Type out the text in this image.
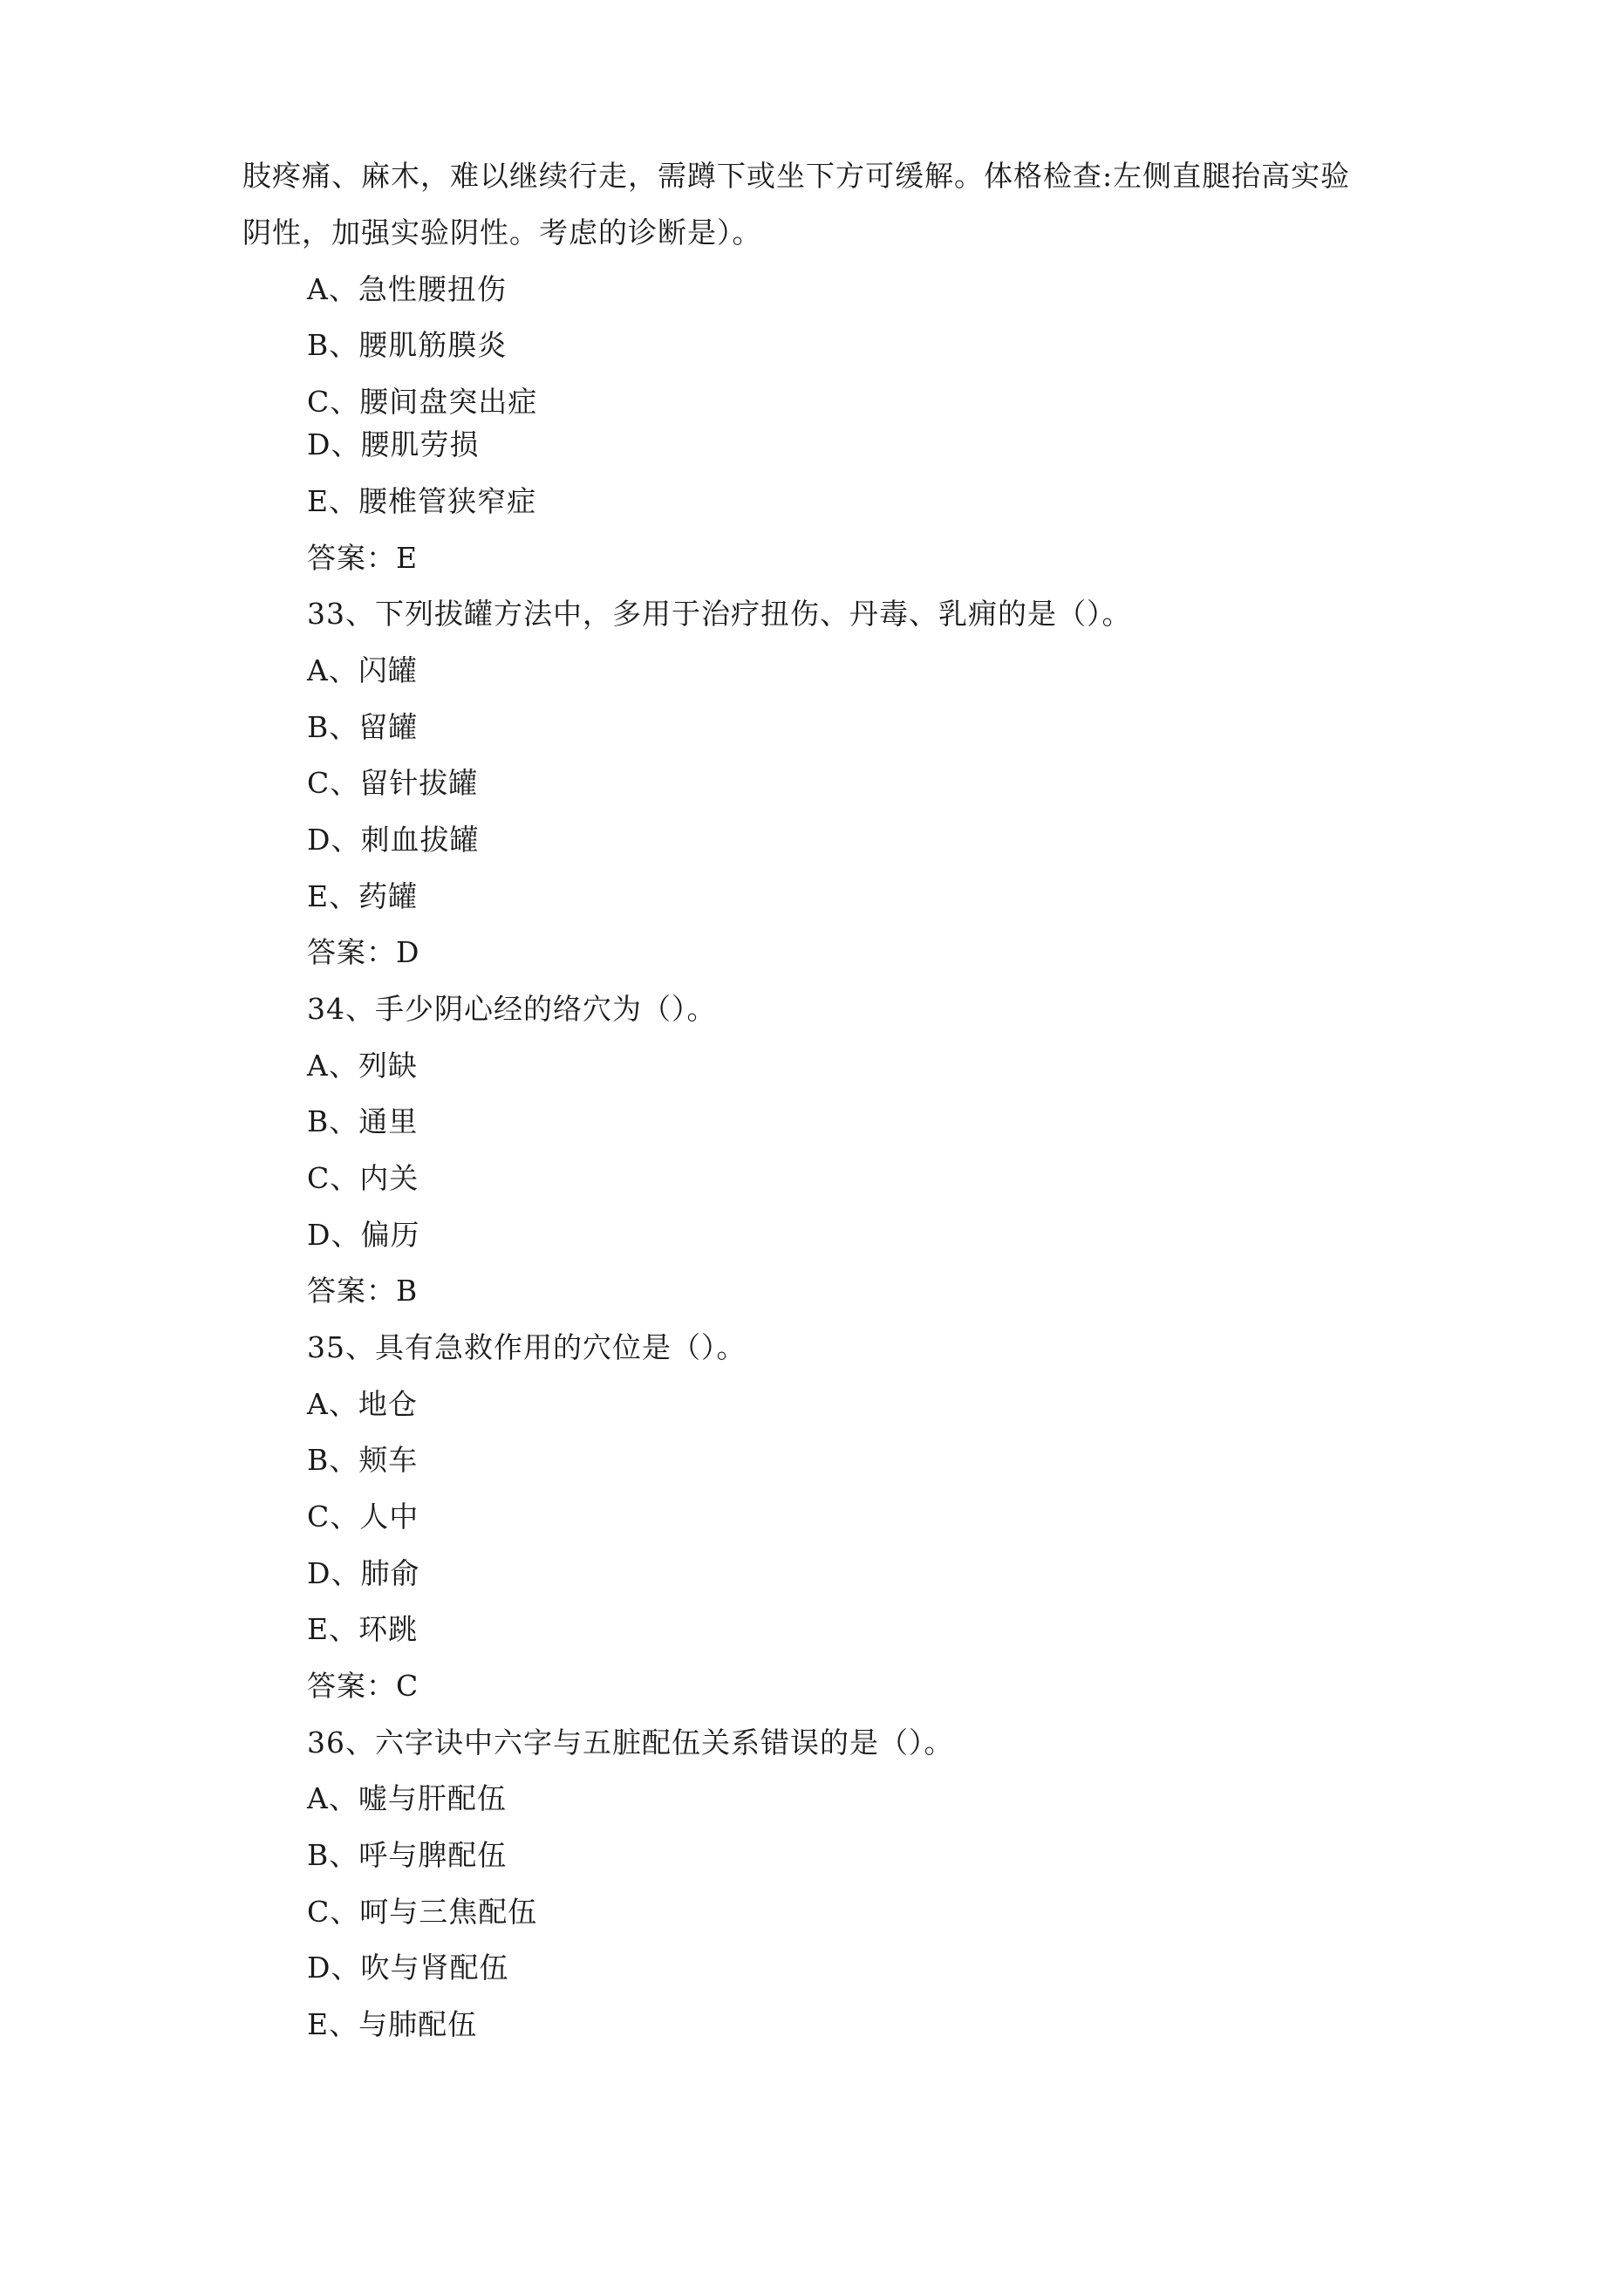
肢疼痛、麻木，难以继续行走，需蹲下或坐下方可缓解。体格检查:左侧直腿抬高实验
阴性，加强实验阴性。考虑的诊断是）。
A、急性腰扭伤
B、腰肌筋膜炎
C、腰间盘突出症
D、腰肌劳损
E、腰椎管狭窄症
答案：E
33、下列拔罐方法中，多用于治疗扭伤、丹毒、乳痈的是（）。
A、闪罐
B、留罐
C、留针拔罐
D、刺血拔罐
E、药罐
答案：D
34、手少阴心经的络穴为（）。
A、列缺
B、通里
C、内关
D、偏历
答案：B
35、具有急救作用的穴位是（）。
A、地仓
B、颊车
C、人中
D、肺俞
E、环跳
答案：C
36、六字诀中六字与五脏配伍关系错误的是（）。
A、嘘与肝配伍
B、呼与脾配伍
C、呵与三焦配伍
D、吹与肾配伍
E、与肺配伍
